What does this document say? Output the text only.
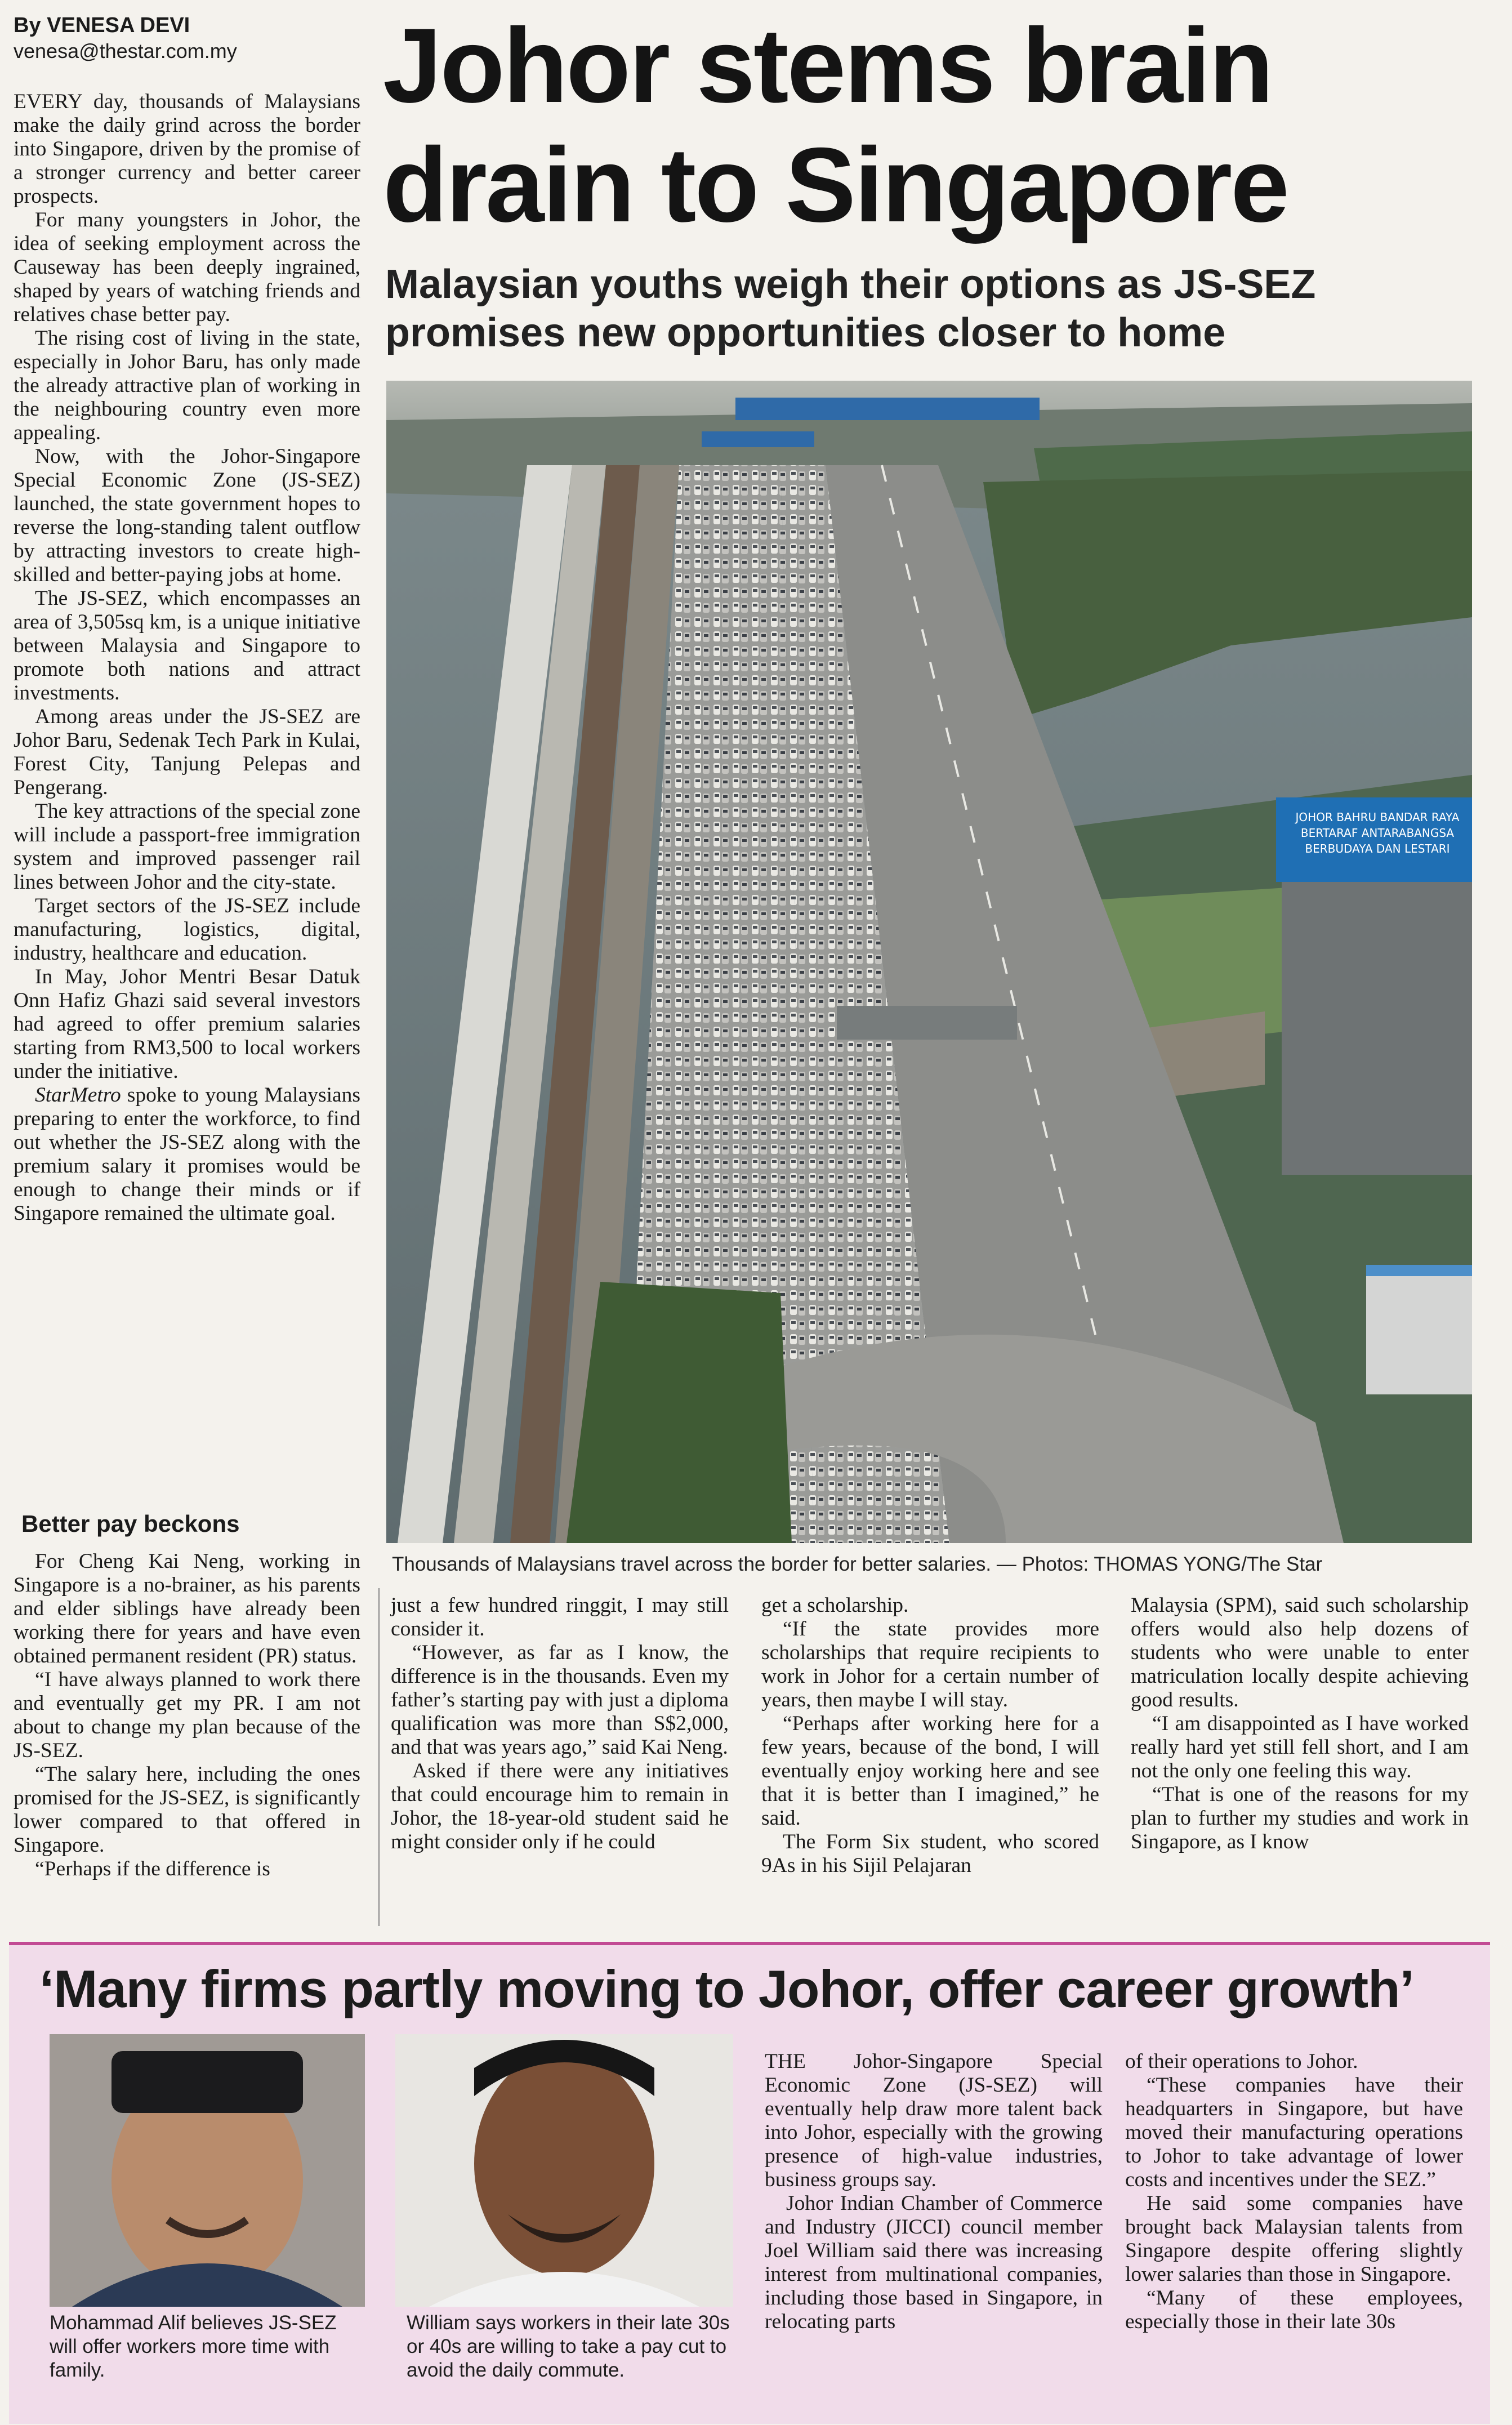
By VENESA DEVI
venesa@thestar.com.my Johor stems brain drain to Singapore
Malaysian youths weigh their options as JS-SEZ promises new opportunities closer to home

EVERY day, thousands of Malaysians make the daily grind across the border into Singapore, driven by the promise of a stronger currency and better career prospects.

For many youngsters in Johor, the idea of seeking employment across the Causeway has been deeply ingrained, shaped by years of watching friends and relatives chase better pay.

The rising cost of living in the state, especially in Johor Baru, has only made the already attractive plan of working in the neighbouring country even more appealing.

Now, with the Johor-Singapore Special Economic Zone (JS-SEZ) launched, the state government hopes to reverse the long-standing talent outflow by attracting investors to create high-skilled and better-paying jobs at home.

The JS-SEZ, which encompasses an area of 3,505sq km, is a unique initiative between Malaysia and Singapore to promote both nations and attract investments.

Among areas under the JS-SEZ are Johor Baru, Sedenak Tech Park in Kulai, Forest City, Tanjung Pelepas and Pengerang.

The key attractions of the special zone will include a passport-free immigration system and improved passenger rail lines between Johor and the city-state.

Target sectors of the JS-SEZ include manufacturing, logistics, digital, industry, healthcare and education.

In May, Johor Mentri Besar Datuk Onn Hafiz Ghazi said several investors had agreed to offer premium salaries starting from RM3,500 to local workers under the initiative.

StarMetro spoke to young Malaysians preparing to enter the workforce, to find out whether the JS-SEZ along with the premium salary it promises would be enough to change their minds or if Singapore remained the ultimate goal.

Better pay beckons

For Cheng Kai Neng, working in Singapore is a no-brainer, as his parents and elder siblings have already been working there for years and have even obtained permanent resident (PR) status.

“I have always planned to work there and eventually get my PR. I am not about to change my plan because of the JS-SEZ.

“The salary here, including the ones promised for the JS-SEZ, is significantly lower compared to that offered in Singapore.

“Perhaps if the difference is

JOHOR BAHRU BANDAR RAYA
BERTARAF ANTARABANGSA
BERBUDAYA DAN LESTARI
Thousands of Malaysians travel across the border for better salaries. — Photos: THOMAS YONG/The Star

just a few hundred ringgit, I may still consider it.

“However, as far as I know, the difference is in the thousands. Even my father’s starting pay with just a diploma qualification was more than S$2,000, and that was years ago,” said Kai Neng.

Asked if there were any initiatives that could encourage him to remain in Johor, the 18-year-old student said he might consider only if he could

get a scholarship.

“If the state provides more scholarships that require recipients to work in Johor for a certain number of years, then maybe I will stay.

“Perhaps after working here for a few years, because of the bond, I will eventually enjoy working here and see that it is better than I imagined,” he said.

The Form Six student, who scored 9As in his Sijil Pelajaran

Malaysia (SPM), said such scholarship offers would also help dozens of students who were unable to enter matriculation locally despite achieving good results.

“I am disappointed as I have worked really hard yet still fell short, and I am not the only one feeling this way.

“That is one of the reasons for my plan to further my studies and work in Singapore, as I know

‘Many firms partly moving to Johor, offer career growth’
Mohammad Alif believes JS-SEZ will offer workers more time with family.
William says workers in their late 30s or 40s are willing to take a pay cut to avoid the daily commute.

THE Johor-Singapore Special Economic Zone (JS-SEZ) will eventually help draw more talent back into Johor, especially with the growing presence of high-value industries, business groups say.

Johor Indian Chamber of Commerce and Industry (JICCI) council member Joel William said there was increasing interest from multinational companies, including those based in Singapore, in relocating parts

of their operations to Johor.

“These companies have their headquarters in Singapore, but have moved their manufacturing operations to Johor to take advantage of lower costs and incentives under the SEZ.”

He said some companies have brought back Malaysian talents from Singapore despite offering slightly lower salaries than those in Singapore.

“Many of these employees, especially those in their late 30s
